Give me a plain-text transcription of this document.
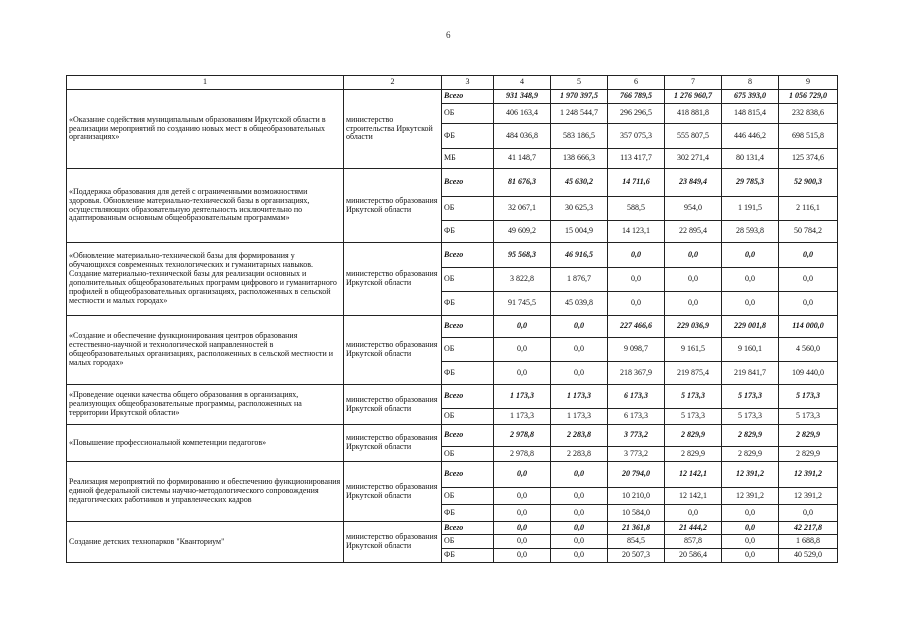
6
1	2	3	4	5	6	7	8	9
«Оказание содействия муниципальным образованиям Иркутской области в реализации мероприятий по созданию новых мест в общеобразовательных организациях»	министерство строительства Иркутской области	Всего	931 348,9	1 970 397,5	766 789,5	1 276 960,7	675 393,0	1 056 729,0
		ОБ	406 163,4	1 248 544,7	296 296,5	418 881,8	148 815,4	232 838,6
		ФБ	484 036,8	583 186,5	357 075,3	555 807,5	446 446,2	698 515,8
		МБ	41 148,7	138 666,3	113 417,7	302 271,4	80 131,4	125 374,6
«Поддержка образования для детей с ограниченными возможностями здоровья. Обновление материально-технической базы в организациях, осуществляющих образовательную деятельность исключительно по адаптированным основным общеобразовательным программам»	министерство образования Иркутской области	Всего	81 676,3	45 630,2	14 711,6	23 849,4	29 785,3	52 900,3
		ОБ	32 067,1	30 625,3	588,5	954,0	1 191,5	2 116,1
		ФБ	49 609,2	15 004,9	14 123,1	22 895,4	28 593,8	50 784,2
«Обновление материально-технической базы для формирования у обучающихся современных технологических и гуманитарных навыков. Создание материально-технической базы для реализации основных и дополнительных общеобразовательных программ цифрового и гуманитарного профилей в общеобразовательных организациях, расположенных в сельской местности и малых городах»	министерство образования Иркутской области	Всего	95 568,3	46 916,5	0,0	0,0	0,0	0,0
		ОБ	3 822,8	1 876,7	0,0	0,0	0,0	0,0
		ФБ	91 745,5	45 039,8	0,0	0,0	0,0	0,0
«Создание и обеспечение функционирования центров образования естественно-научной и технологической направленностей в общеобразовательных организациях, расположенных в сельской местности и малых городах»	министерство образования Иркутской области	Всего	0,0	0,0	227 466,6	229 036,9	229 001,8	114 000,0
		ОБ	0,0	0,0	9 098,7	9 161,5	9 160,1	4 560,0
		ФБ	0,0	0,0	218 367,9	219 875,4	219 841,7	109 440,0
«Проведение оценки качества общего образования в организациях, реализующих общеобразовательные программы, расположенных на территории Иркутской области»	министерство образования Иркутской области	Всего	1 173,3	1 173,3	6 173,3	5 173,3	5 173,3	5 173,3
		ОБ	1 173,3	1 173,3	6 173,3	5 173,3	5 173,3	5 173,3
«Повышение профессиональной компетенции педагогов»	министерство образования Иркутской области	Всего	2 978,8	2 283,8	3 773,2	2 829,9	2 829,9	2 829,9
		ОБ	2 978,8	2 283,8	3 773,2	2 829,9	2 829,9	2 829,9
Реализация мероприятий по формированию и обеспечению функционирования единой федеральной системы научно-методологического сопровождения педагогических работников и управленческих кадров	министерство образования Иркутской области	Всего	0,0	0,0	20 794,0	12 142,1	12 391,2	12 391,2
		ОБ	0,0	0,0	10 210,0	12 142,1	12 391,2	12 391,2
		ФБ	0,0	0,0	10 584,0	0,0	0,0	0,0
Создание детских технопарков "Кванториум"	министерство образования Иркутской области	Всего	0,0	0,0	21 361,8	21 444,2	0,0	42 217,8
		ОБ	0,0	0,0	854,5	857,8	0,0	1 688,8
		ФБ	0,0	0,0	20 507,3	20 586,4	0,0	40 529,0
